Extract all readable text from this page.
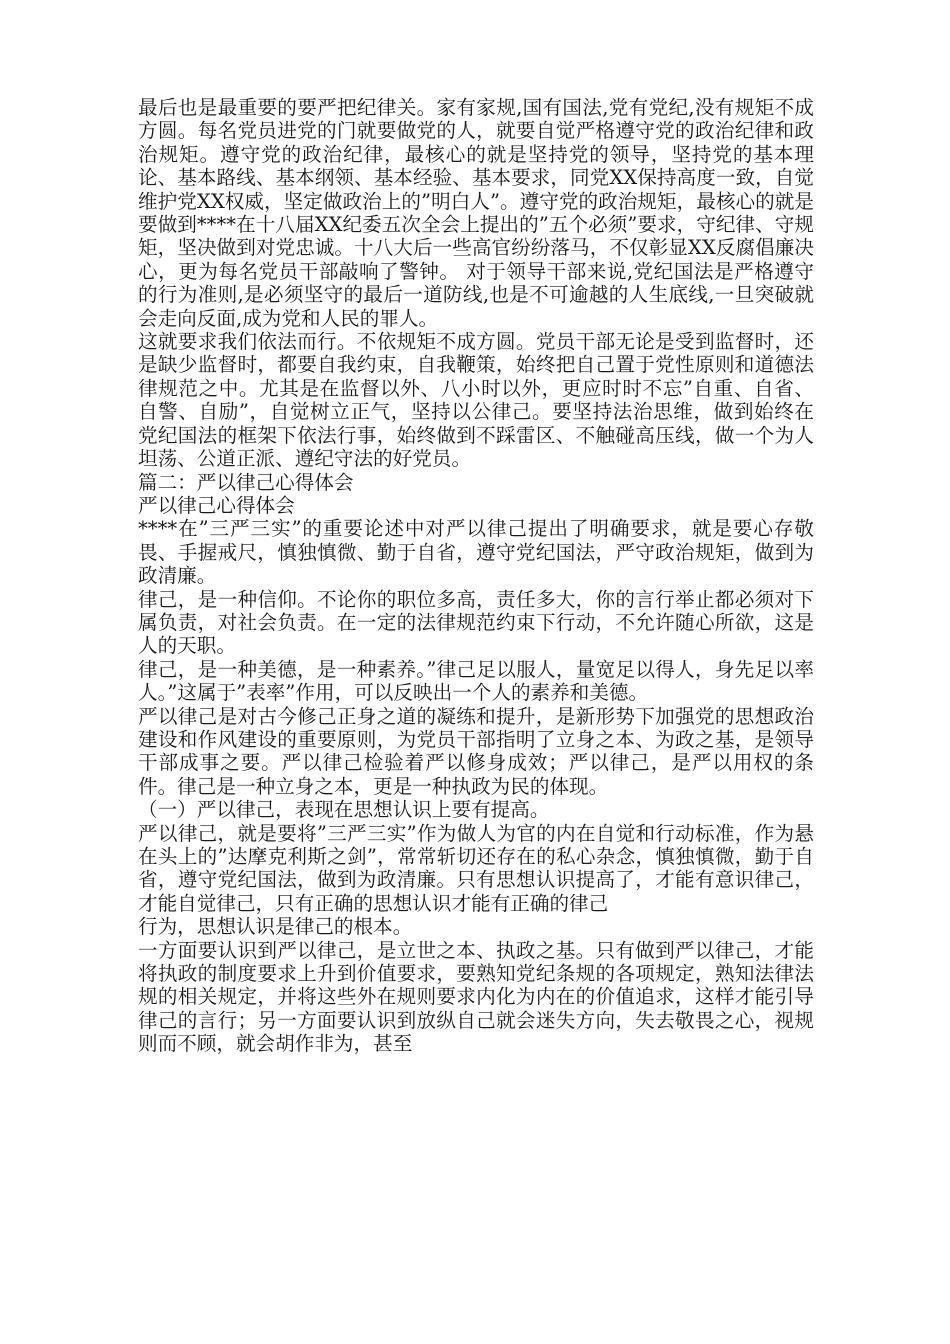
最后也是最重要的要严把纪律关。家有家规,国有国法,党有党纪,没有规矩不成方圆。每名党员进党的门就要做党的人，就要自觉严格遵守党的政治纪律和政治规矩。遵守党的政治纪律，最核心的就是坚持党的领导，坚持党的基本理论、基本路线、基本纲领、基本经验、基本要求，同党XX保持高度一致，自觉维护党XX权威，坚定做政治上的”明白人”。遵守党的政治规矩，最核心的就是要做到****在十八届XX纪委五次全会上提出的”五个必须”要求，守纪律、守规矩，坚决做到对党忠诚。十八大后一些高官纷纷落马，不仅彰显XX反腐倡廉决心，更为每名党员干部敲响了警钟。 对于领导干部来说,党纪国法是严格遵守的行为准则,是必须坚守的最后一道防线,也是不可逾越的人生底线,一旦突破就会走向反面,成为党和人民的罪人。

这就要求我们依法而行。不依规矩不成方圆。党员干部无论是受到监督时，还是缺少监督时，都要自我约束，自我鞭策，始终把自己置于党性原则和道德法律规范之中。尤其是在监督以外、八小时以外，更应时时不忘”自重、自省、自警、自励”，自觉树立正气，坚持以公律己。要坚持法治思维，做到始终在党纪国法的框架下依法行事，始终做到不踩雷区、不触碰高压线，做一个为人坦荡、公道正派、遵纪守法的好党员。

篇二：严以律己心得体会

严以律己心得体会

****在”三严三实”的重要论述中对严以律己提出了明确要求，就是要心存敬畏、手握戒尺，慎独慎微、勤于自省，遵守党纪国法，严守政治规矩，做到为政清廉。

律己，是一种信仰。不论你的职位多高，责任多大，你的言行举止都必须对下属负责，对社会负责。在一定的法律规范约束下行动，不允许随心所欲，这是人的天职。

律己，是一种美德，是一种素养。”律己足以服人，量宽足以得人，身先足以率人。”这属于”表率”作用，可以反映出一个人的素养和美德。

严以律己是对古今修己正身之道的凝练和提升，是新形势下加强党的思想政治建设和作风建设的重要原则，为党员干部指明了立身之本、为政之基，是领导干部成事之要。严以律己检验着严以修身成效；严以律己，是严以用权的条件。律己是一种立身之本，更是一种执政为民的体现。

（一）严以律己，表现在思想认识上要有提高。

严以律己，就是要将”三严三实”作为做人为官的内在自觉和行动标准，作为悬在头上的”达摩克利斯之剑”，常常斩切还存在的私心杂念，慎独慎微，勤于自省，遵守党纪国法，做到为政清廉。只有思想认识提高了，才能有意识律己，才能自觉律己，只有正确的思想认识才能有正确的律己

行为，思想认识是律己的根本。

一方面要认识到严以律己，是立世之本、执政之基。只有做到严以律己，才能将执政的制度要求上升到价值要求，要熟知党纪条规的各项规定，熟知法律法规的相关规定，并将这些外在规则要求内化为内在的价值追求，这样才能引导律己的言行；另一方面要认识到放纵自己就会迷失方向，失去敬畏之心，视规则而不顾，就会胡作非为，甚至
